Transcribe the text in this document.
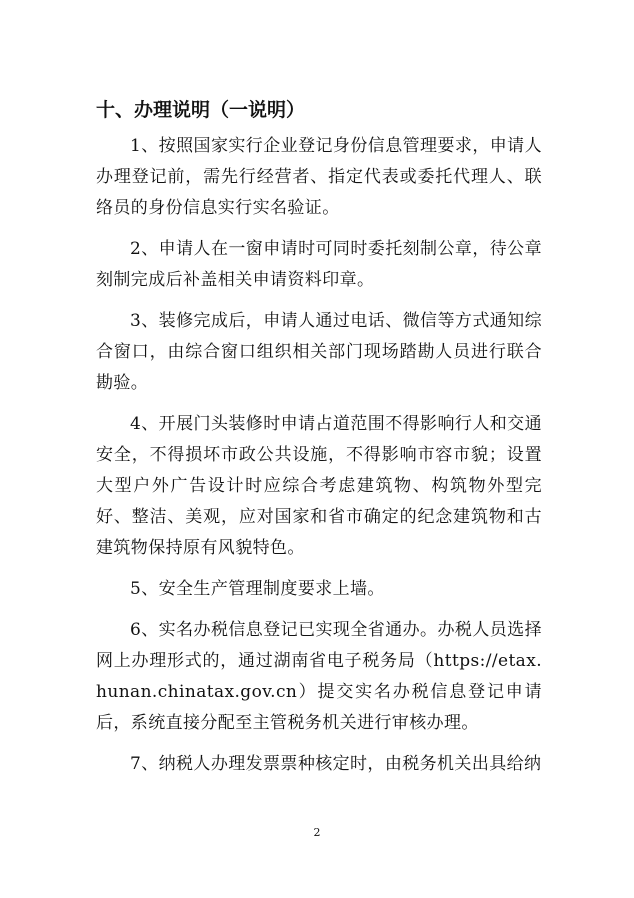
十、办理说明（一说明）

1、按照国家实行企业登记身份信息管理要求，申请人办理登记前，需先行经营者、指定代表或委托代理人、联络员的身份信息实行实名验证。

2、申请人在一窗申请时可同时委托刻制公章，待公章刻制完成后补盖相关申请资料印章。

3、装修完成后，申请人通过电话、微信等方式通知综合窗口，由综合窗口组织相关部门现场踏勘人员进行联合勘验。

4、开展门头装修时申请占道范围不得影响行人和交通安全，不得损坏市政公共设施，不得影响市容市貌；设置大型户外广告设计时应综合考虑建筑物、构筑物外型完好、整洁、美观，应对国家和省市确定的纪念建筑物和古建筑物保持原有风貌特色。

5、安全生产管理制度要求上墙。

6、实名办税信息登记已实现全省通办。办税人员选择网上办理形式的，通过湖南省电子税务局（https://etax.hunan.chinatax.gov.cn）提交实名办税信息登记申请后，系统直接分配至主管税务机关进行审核办理。

7、纳税人办理发票票种核定时，由税务机关出具给纳

2
